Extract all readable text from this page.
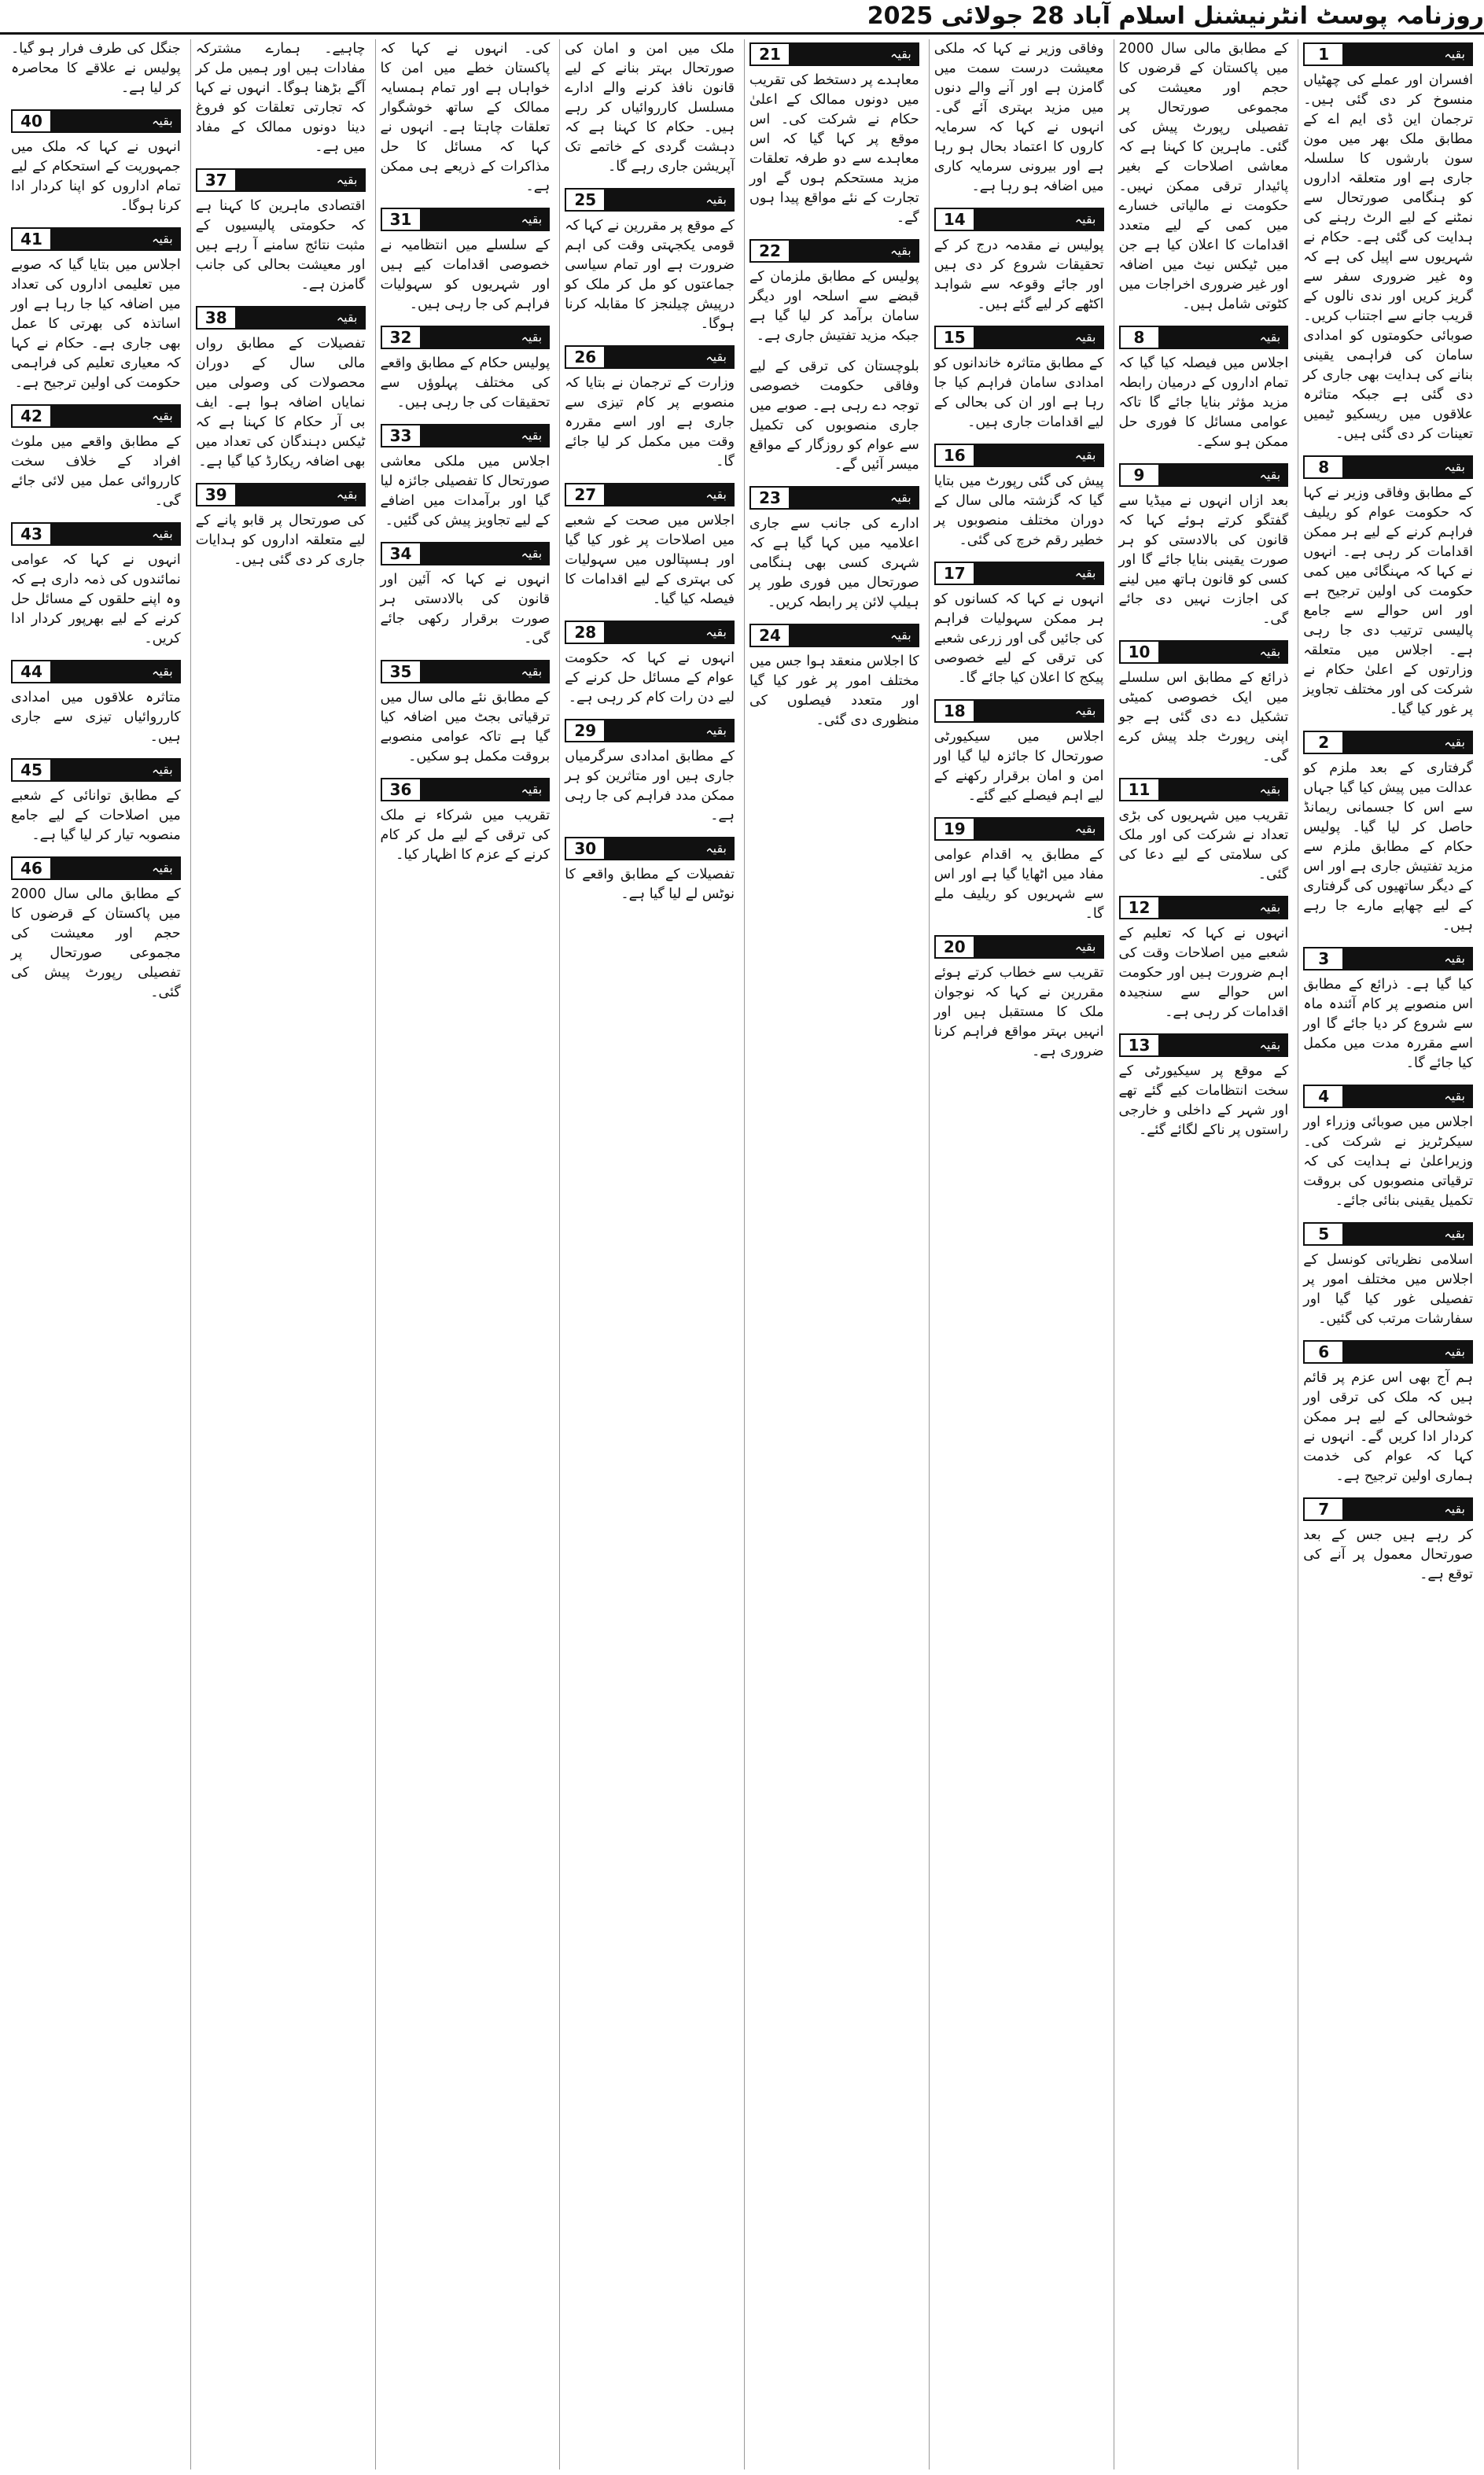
روزنامہ پوسٹ انٹرنیشنل اسلام آباد 28 جولائی 2025
1	بقیہ

افسران اور عملے کی چھٹیاں منسوخ کر دی گئی ہیں۔ ترجمان این ڈی ایم اے کے مطابق ملک بھر میں مون سون بارشوں کا سلسلہ جاری ہے اور متعلقہ اداروں کو ہنگامی صورتحال سے نمٹنے کے لیے الرٹ رہنے کی ہدایت کی گئی ہے۔ حکام نے شہریوں سے اپیل کی ہے کہ وہ غیر ضروری سفر سے گریز کریں اور ندی نالوں کے قریب جانے سے اجتناب کریں۔ صوبائی حکومتوں کو امدادی سامان کی فراہمی یقینی بنانے کی ہدایت بھی جاری کر دی گئی ہے جبکہ متاثرہ علاقوں میں ریسکیو ٹیمیں تعینات کر دی گئی ہیں۔

8	بقیہ

کے مطابق وفاقی وزیر نے کہا کہ حکومت عوام کو ریلیف فراہم کرنے کے لیے ہر ممکن اقدامات کر رہی ہے۔ انہوں نے کہا کہ مہنگائی میں کمی حکومت کی اولین ترجیح ہے اور اس حوالے سے جامع پالیسی ترتیب دی جا رہی ہے۔ اجلاس میں متعلقہ وزارتوں کے اعلیٰ حکام نے شرکت کی اور مختلف تجاویز پر غور کیا گیا۔

2	بقیہ

گرفتاری کے بعد ملزم کو عدالت میں پیش کیا گیا جہاں سے اس کا جسمانی ریمانڈ حاصل کر لیا گیا۔ پولیس حکام کے مطابق ملزم سے مزید تفتیش جاری ہے اور اس کے دیگر ساتھیوں کی گرفتاری کے لیے چھاپے مارے جا رہے ہیں۔

3	بقیہ

کیا گیا ہے۔ ذرائع کے مطابق اس منصوبے پر کام آئندہ ماہ سے شروع کر دیا جائے گا اور اسے مقررہ مدت میں مکمل کیا جائے گا۔

4	بقیہ

اجلاس میں صوبائی وزراء اور سیکرٹریز نے شرکت کی۔ وزیراعلیٰ نے ہدایت کی کہ ترقیاتی منصوبوں کی بروقت تکمیل یقینی بنائی جائے۔

5	بقیہ

اسلامی نظریاتی کونسل کے اجلاس میں مختلف امور پر تفصیلی غور کیا گیا اور سفارشات مرتب کی گئیں۔

6	بقیہ

ہم آج بھی اس عزم پر قائم ہیں کہ ملک کی ترقی اور خوشحالی کے لیے ہر ممکن کردار ادا کریں گے۔ انہوں نے کہا کہ عوام کی خدمت ہماری اولین ترجیح ہے۔

7	بقیہ

کر رہے ہیں جس کے بعد صورتحال معمول پر آنے کی توقع ہے۔

کے مطابق مالی سال 2000 میں پاکستان کے قرضوں کا حجم اور معیشت کی مجموعی صورتحال پر تفصیلی رپورٹ پیش کی گئی۔ ماہرین کا کہنا ہے کہ معاشی اصلاحات کے بغیر پائیدار ترقی ممکن نہیں۔ حکومت نے مالیاتی خسارے میں کمی کے لیے متعدد اقدامات کا اعلان کیا ہے جن میں ٹیکس نیٹ میں اضافہ اور غیر ضروری اخراجات میں کٹوتی شامل ہیں۔

8	بقیہ

اجلاس میں فیصلہ کیا گیا کہ تمام اداروں کے درمیان رابطہ مزید مؤثر بنایا جائے گا تاکہ عوامی مسائل کا فوری حل ممکن ہو سکے۔

9	بقیہ

بعد ازاں انہوں نے میڈیا سے گفتگو کرتے ہوئے کہا کہ قانون کی بالادستی کو ہر صورت یقینی بنایا جائے گا اور کسی کو قانون ہاتھ میں لینے کی اجازت نہیں دی جائے گی۔

10	بقیہ

ذرائع کے مطابق اس سلسلے میں ایک خصوصی کمیٹی تشکیل دے دی گئی ہے جو اپنی رپورٹ جلد پیش کرے گی۔

11	بقیہ

تقریب میں شہریوں کی بڑی تعداد نے شرکت کی اور ملک کی سلامتی کے لیے دعا کی گئی۔

12	بقیہ

انہوں نے کہا کہ تعلیم کے شعبے میں اصلاحات وقت کی اہم ضرورت ہیں اور حکومت اس حوالے سے سنجیدہ اقدامات کر رہی ہے۔

13	بقیہ

کے موقع پر سیکیورٹی کے سخت انتظامات کیے گئے تھے اور شہر کے داخلی و خارجی راستوں پر ناکے لگائے گئے۔

وفاقی وزیر نے کہا کہ ملکی معیشت درست سمت میں گامزن ہے اور آنے والے دنوں میں مزید بہتری آئے گی۔ انہوں نے کہا کہ سرمایہ کاروں کا اعتماد بحال ہو رہا ہے اور بیرونی سرمایہ کاری میں اضافہ ہو رہا ہے۔

14	بقیہ

پولیس نے مقدمہ درج کر کے تحقیقات شروع کر دی ہیں اور جائے وقوعہ سے شواہد اکٹھے کر لیے گئے ہیں۔

15	بقیہ

کے مطابق متاثرہ خاندانوں کو امدادی سامان فراہم کیا جا رہا ہے اور ان کی بحالی کے لیے اقدامات جاری ہیں۔

16	بقیہ

پیش کی گئی رپورٹ میں بتایا گیا کہ گزشتہ مالی سال کے دوران مختلف منصوبوں پر خطیر رقم خرچ کی گئی۔

17	بقیہ

انہوں نے کہا کہ کسانوں کو ہر ممکن سہولیات فراہم کی جائیں گی اور زرعی شعبے کی ترقی کے لیے خصوصی پیکج کا اعلان کیا جائے گا۔

18	بقیہ

اجلاس میں سیکیورٹی صورتحال کا جائزہ لیا گیا اور امن و امان برقرار رکھنے کے لیے اہم فیصلے کیے گئے۔

19	بقیہ

کے مطابق یہ اقدام عوامی مفاد میں اٹھایا گیا ہے اور اس سے شہریوں کو ریلیف ملے گا۔

20	بقیہ

تقریب سے خطاب کرتے ہوئے مقررین نے کہا کہ نوجوان ملک کا مستقبل ہیں اور انہیں بہتر مواقع فراہم کرنا ضروری ہے۔

21	بقیہ

معاہدے پر دستخط کی تقریب میں دونوں ممالک کے اعلیٰ حکام نے شرکت کی۔ اس موقع پر کہا گیا کہ اس معاہدے سے دو طرفہ تعلقات مزید مستحکم ہوں گے اور تجارت کے نئے مواقع پیدا ہوں گے۔

22	بقیہ

پولیس کے مطابق ملزمان کے قبضے سے اسلحہ اور دیگر سامان برآمد کر لیا گیا ہے جبکہ مزید تفتیش جاری ہے۔

بلوچستان کی ترقی کے لیے وفاقی حکومت خصوصی توجہ دے رہی ہے۔ صوبے میں جاری منصوبوں کی تکمیل سے عوام کو روزگار کے مواقع میسر آئیں گے۔

23	بقیہ

ادارے کی جانب سے جاری اعلامیہ میں کہا گیا ہے کہ شہری کسی بھی ہنگامی صورتحال میں فوری طور پر ہیلپ لائن پر رابطہ کریں۔

24	بقیہ

کا اجلاس منعقد ہوا جس میں مختلف امور پر غور کیا گیا اور متعدد فیصلوں کی منظوری دی گئی۔

ملک میں امن و امان کی صورتحال بہتر بنانے کے لیے قانون نافذ کرنے والے ادارے مسلسل کارروائیاں کر رہے ہیں۔ حکام کا کہنا ہے کہ دہشت گردی کے خاتمے تک آپریشن جاری رہے گا۔

25	بقیہ

کے موقع پر مقررین نے کہا کہ قومی یکجہتی وقت کی اہم ضرورت ہے اور تمام سیاسی جماعتوں کو مل کر ملک کو درپیش چیلنجز کا مقابلہ کرنا ہوگا۔

26	بقیہ

وزارت کے ترجمان نے بتایا کہ منصوبے پر کام تیزی سے جاری ہے اور اسے مقررہ وقت میں مکمل کر لیا جائے گا۔

27	بقیہ

اجلاس میں صحت کے شعبے میں اصلاحات پر غور کیا گیا اور ہسپتالوں میں سہولیات کی بہتری کے لیے اقدامات کا فیصلہ کیا گیا۔

28	بقیہ

انہوں نے کہا کہ حکومت عوام کے مسائل حل کرنے کے لیے دن رات کام کر رہی ہے۔

29	بقیہ

کے مطابق امدادی سرگرمیاں جاری ہیں اور متاثرین کو ہر ممکن مدد فراہم کی جا رہی ہے۔

30	بقیہ

تفصیلات کے مطابق واقعے کا نوٹس لے لیا گیا ہے۔

کی۔ انہوں نے کہا کہ پاکستان خطے میں امن کا خواہاں ہے اور تمام ہمسایہ ممالک کے ساتھ خوشگوار تعلقات چاہتا ہے۔ انہوں نے کہا کہ مسائل کا حل مذاکرات کے ذریعے ہی ممکن ہے۔

31	بقیہ

کے سلسلے میں انتظامیہ نے خصوصی اقدامات کیے ہیں اور شہریوں کو سہولیات فراہم کی جا رہی ہیں۔

32	بقیہ

پولیس حکام کے مطابق واقعے کی مختلف پہلوؤں سے تحقیقات کی جا رہی ہیں۔

33	بقیہ

اجلاس میں ملکی معاشی صورتحال کا تفصیلی جائزہ لیا گیا اور برآمدات میں اضافے کے لیے تجاویز پیش کی گئیں۔

34	بقیہ

انہوں نے کہا کہ آئین اور قانون کی بالادستی ہر صورت برقرار رکھی جائے گی۔

35	بقیہ

کے مطابق نئے مالی سال میں ترقیاتی بجٹ میں اضافہ کیا گیا ہے تاکہ عوامی منصوبے بروقت مکمل ہو سکیں۔

36	بقیہ

تقریب میں شرکاء نے ملک کی ترقی کے لیے مل کر کام کرنے کے عزم کا اظہار کیا۔

چاہیے۔ ہمارے مشترکہ مفادات ہیں اور ہمیں مل کر آگے بڑھنا ہوگا۔ انہوں نے کہا کہ تجارتی تعلقات کو فروغ دینا دونوں ممالک کے مفاد میں ہے۔

37	بقیہ

اقتصادی ماہرین کا کہنا ہے کہ حکومتی پالیسیوں کے مثبت نتائج سامنے آ رہے ہیں اور معیشت بحالی کی جانب گامزن ہے۔

38	بقیہ

تفصیلات کے مطابق رواں مالی سال کے دوران محصولات کی وصولی میں نمایاں اضافہ ہوا ہے۔ ایف بی آر حکام کا کہنا ہے کہ ٹیکس دہندگان کی تعداد میں بھی اضافہ ریکارڈ کیا گیا ہے۔

39	بقیہ

کی صورتحال پر قابو پانے کے لیے متعلقہ اداروں کو ہدایات جاری کر دی گئی ہیں۔

جنگل کی طرف فرار ہو گیا۔ پولیس نے علاقے کا محاصرہ کر لیا ہے۔

40	بقیہ

انہوں نے کہا کہ ملک میں جمہوریت کے استحکام کے لیے تمام اداروں کو اپنا کردار ادا کرنا ہوگا۔

41	بقیہ

اجلاس میں بتایا گیا کہ صوبے میں تعلیمی اداروں کی تعداد میں اضافہ کیا جا رہا ہے اور اساتذہ کی بھرتی کا عمل بھی جاری ہے۔ حکام نے کہا کہ معیاری تعلیم کی فراہمی حکومت کی اولین ترجیح ہے۔

42	بقیہ

کے مطابق واقعے میں ملوث افراد کے خلاف سخت کارروائی عمل میں لائی جائے گی۔

43	بقیہ

انہوں نے کہا کہ عوامی نمائندوں کی ذمہ داری ہے کہ وہ اپنے حلقوں کے مسائل حل کرنے کے لیے بھرپور کردار ادا کریں۔

44	بقیہ

متاثرہ علاقوں میں امدادی کارروائیاں تیزی سے جاری ہیں۔

45	بقیہ

کے مطابق توانائی کے شعبے میں اصلاحات کے لیے جامع منصوبہ تیار کر لیا گیا ہے۔

46	بقیہ

کے مطابق مالی سال 2000 میں پاکستان کے قرضوں کا حجم اور معیشت کی مجموعی صورتحال پر تفصیلی رپورٹ پیش کی گئی۔
